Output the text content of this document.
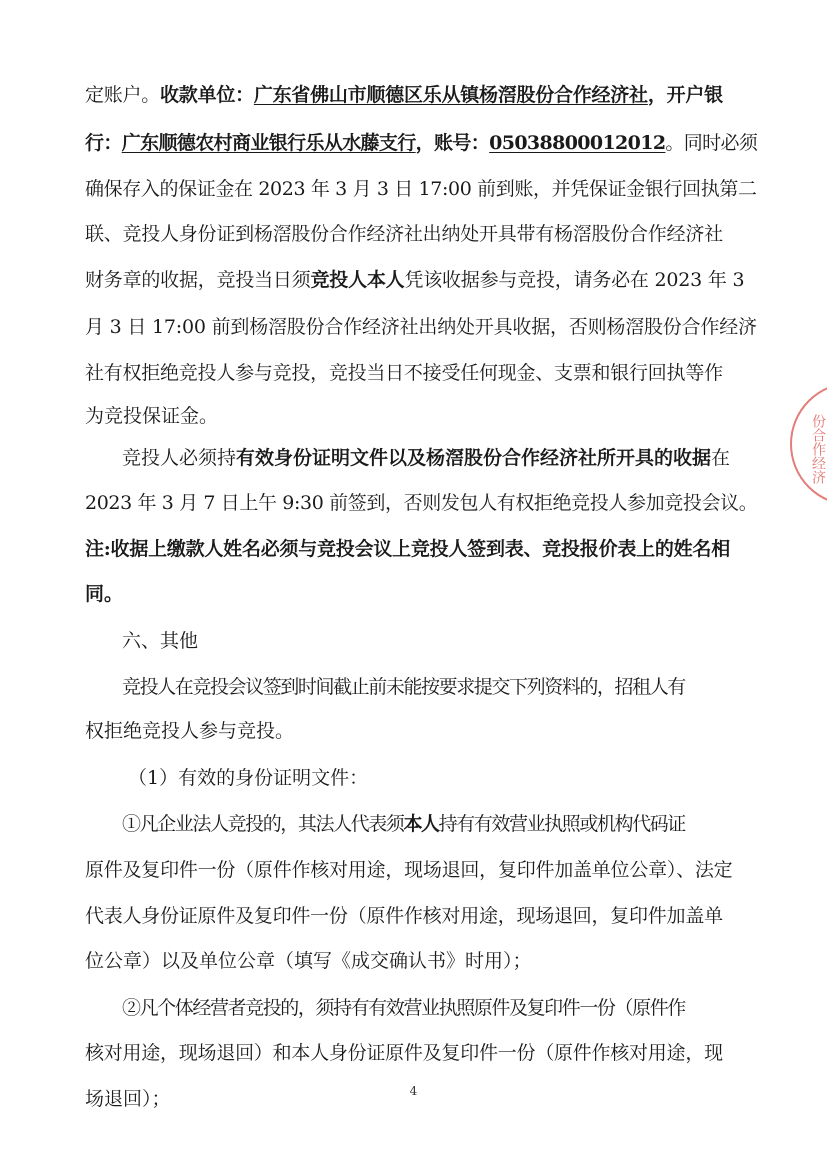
定账户。收款单位：广东省佛山市顺德区乐从镇杨滘股份合作经济社，开户银
行：广东顺德农村商业银行乐从水藤支行，账号：05038800012012。同时必须
确保存入的保证金在 2023 年 3 月 3 日 17:00 前到账，并凭保证金银行回执第二
联、竞投人身份证到杨滘股份合作经济社出纳处开具带有杨滘股份合作经济社
财务章的收据，竞投当日须竞投人本人凭该收据参与竞投，请务必在 2023 年 3
月 3 日 17:00 前到杨滘股份合作经济社出纳处开具收据，否则杨滘股份合作经济
社有权拒绝竞投人参与竞投，竞投当日不接受任何现金、支票和银行回执等作
为竞投保证金。
竞投人必须持有效身份证明文件以及杨滘股份合作经济社所开具的收据在
2023 年 3 月 7 日上午 9:30 前签到，否则发包人有权拒绝竞投人参加竞投会议。
注:收据上缴款人姓名必须与竞投会议上竞投人签到表、竞投报价表上的姓名相
同。
六、其他
竞投人在竞投会议签到时间截止前未能按要求提交下列资料的，招租人有
权拒绝竞投人参与竞投。
（1）有效的身份证明文件：
①凡企业法人竞投的，其法人代表须本人持有有效营业执照或机构代码证
原件及复印件一份（原件作核对用途，现场退回，复印件加盖单位公章）、法定
代表人身份证原件及复印件一份（原件作核对用途，现场退回，复印件加盖单
位公章）以及单位公章（填写《成交确认书》时用）；
②凡个体经营者竞投的，须持有有效营业执照原件及复印件一份（原件作
核对用途，现场退回）和本人身份证原件及复印件一份（原件作核对用途，现
场退回）；	4
份合作经济
